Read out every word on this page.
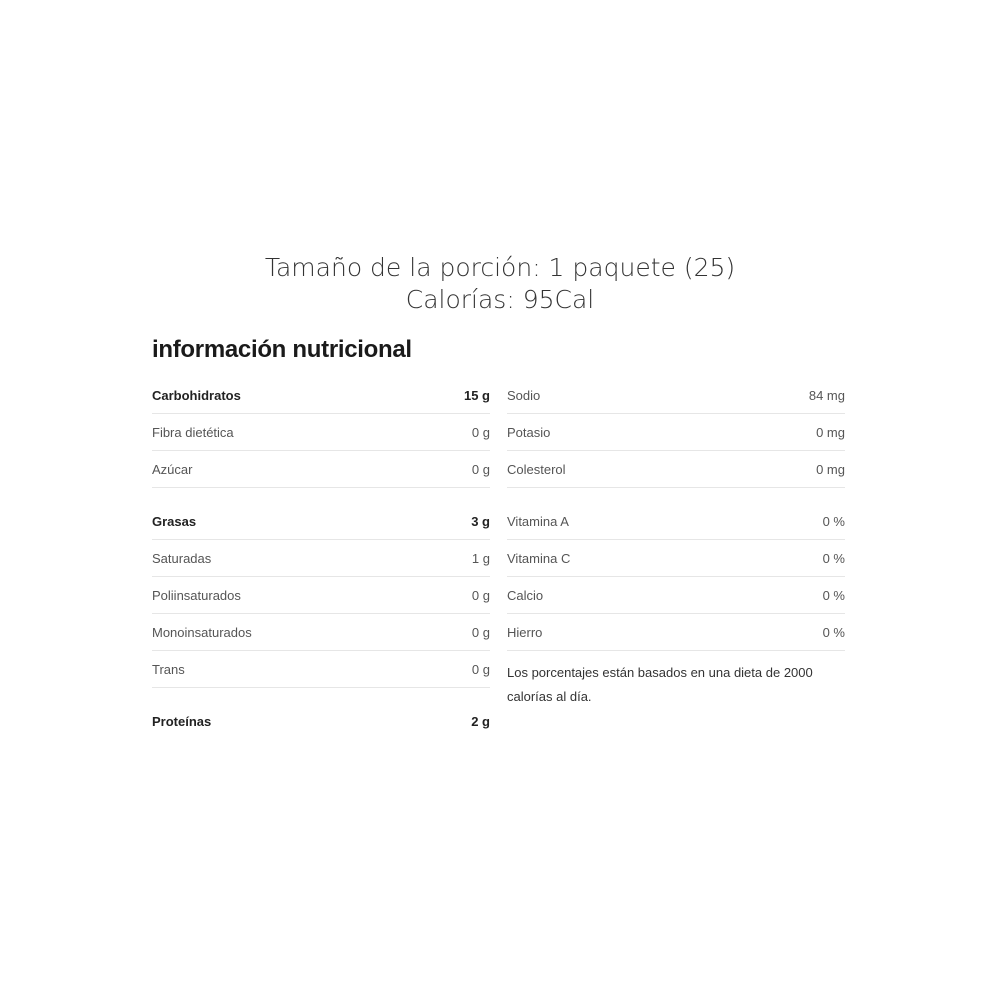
Tamaño de la porción: 1 paquete (25)
Calorías: 95Cal
información nutricional
Carbohidratos	15 g
Fibra dietética	0 g
Azúcar	0 g
Grasas	3 g
Saturadas	1 g
Poliinsaturados	0 g
Monoinsaturados	0 g
Trans	0 g
Proteínas	2 g
Sodio	84 mg
Potasio	0 mg
Colesterol	0 mg
Vitamina A	0 %
Vitamina C	0 %
Calcio	0 %
Hierro	0 %
Los porcentajes están basados en una dieta de 2000 calorías al día.
